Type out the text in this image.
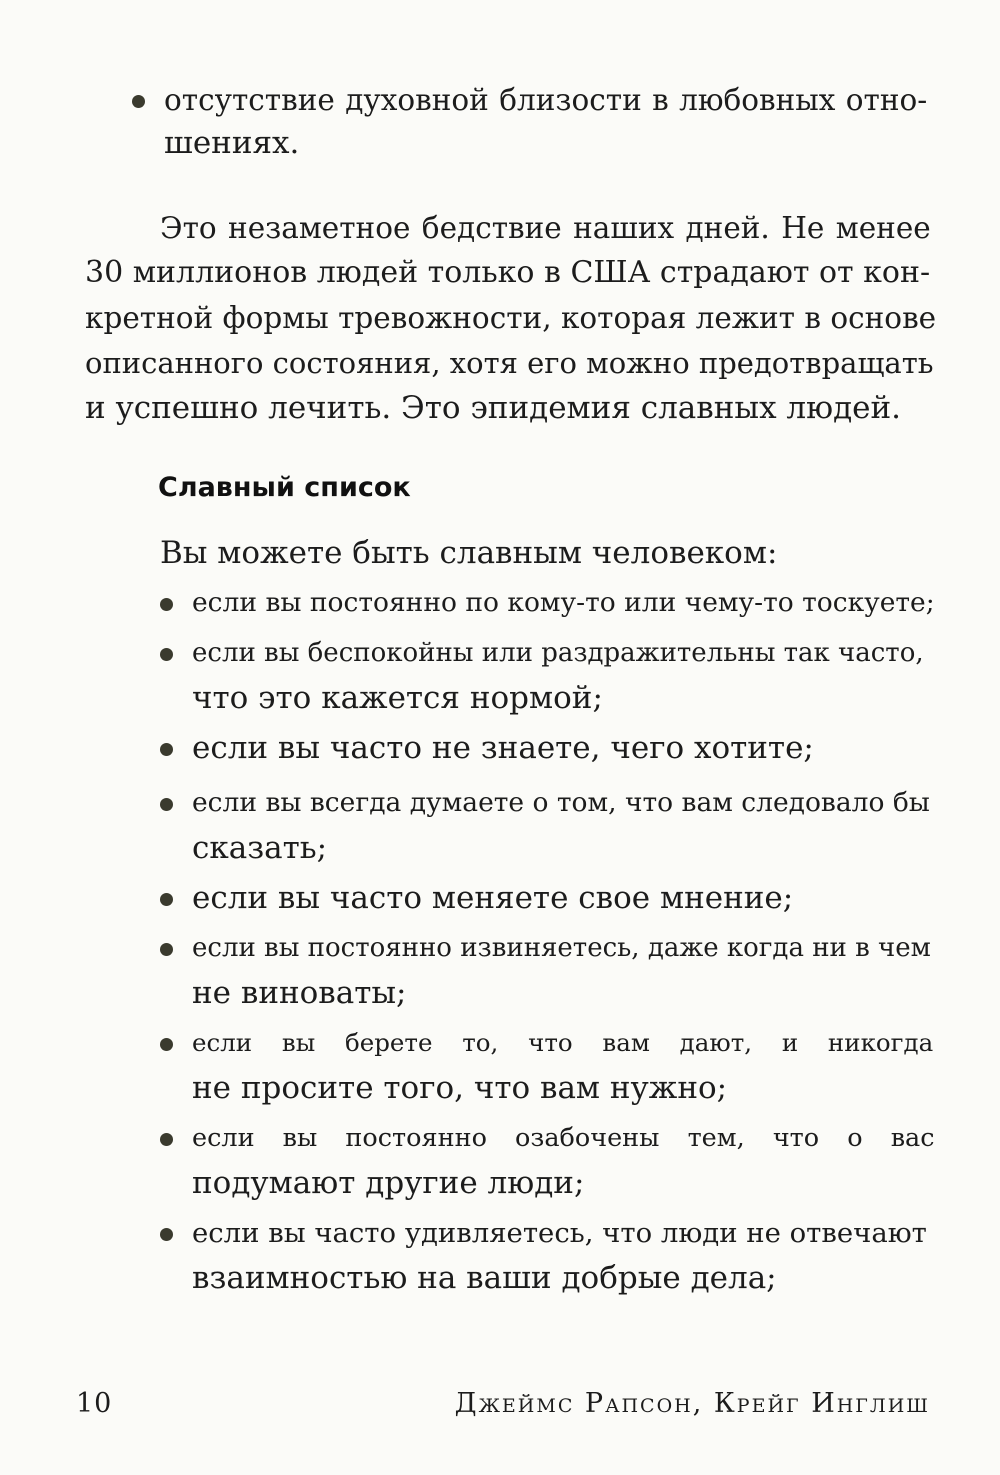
отсутствие духовной близости в любовных отно-
шениях.
Это незаметное бедствие наших дней. Не менее
30 миллионов людей только в США страдают от кон-
кретной формы тревожности, которая лежит в основе
описанного состояния, хотя его можно предотвращать
и успешно лечить. Это эпидемия славных людей.
Славный список
Вы можете быть славным человеком:
если вы постоянно по кому-то или чему-то тоскуете;
если вы беспокойны или раздражительны так часто,
что это кажется нормой;
если вы часто не знаете, чего хотите;
если вы всегда думаете о том, что вам следовало бы
сказать;
если вы часто меняете свое мнение;
если вы постоянно извиняетесь, даже когда ни в чем
не виноваты;
если вы берете то, что вам дают, и никогда
не просите того, что вам нужно;
если вы постоянно озабочены тем, что о вас
подумают другие люди;
если вы часто удивляетесь, что люди не отвечают
взаимностью на ваши добрые дела;
10	Джеймс Рапсон, Крейг Инглиш
